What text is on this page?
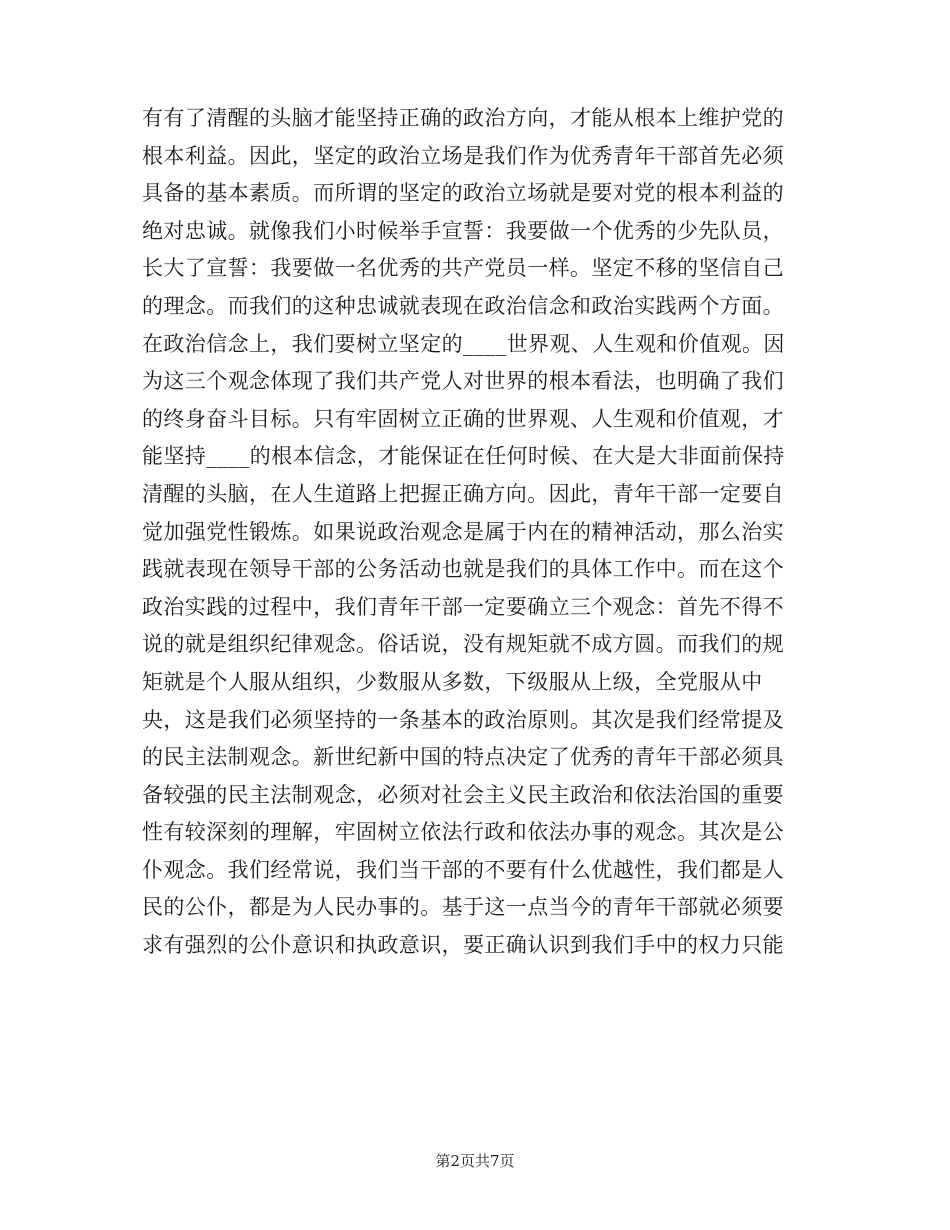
有有了清醒的头脑才能坚持正确的政治方向，才能从根本上维护党的
根本利益。因此，坚定的政治立场是我们作为优秀青年干部首先必须
具备的基本素质。而所谓的坚定的政治立场就是要对党的根本利益的
绝对忠诚。就像我们小时候举手宣誓：我要做一个优秀的少先队员，
长大了宣誓：我要做一名优秀的共产党员一样。坚定不移的坚信自己
的理念。而我们的这种忠诚就表现在政治信念和政治实践两个方面。
在政治信念上，我们要树立坚定的____世界观、人生观和价值观。因
为这三个观念体现了我们共产党人对世界的根本看法，也明确了我们
的终身奋斗目标。只有牢固树立正确的世界观、人生观和价值观，才
能坚持____的根本信念，才能保证在任何时候、在大是大非面前保持
清醒的头脑，在人生道路上把握正确方向。因此，青年干部一定要自
觉加强党性锻炼。如果说政治观念是属于内在的精神活动，那么治实
践就表现在领导干部的公务活动也就是我们的具体工作中。而在这个
政治实践的过程中，我们青年干部一定要确立三个观念：首先不得不
说的就是组织纪律观念。俗话说，没有规矩就不成方圆。而我们的规
矩就是个人服从组织，少数服从多数，下级服从上级，全党服从中
央，这是我们必须坚持的一条基本的政治原则。其次是我们经常提及
的民主法制观念。新世纪新中国的特点决定了优秀的青年干部必须具
备较强的民主法制观念，必须对社会主义民主政治和依法治国的重要
性有较深刻的理解，牢固树立依法行政和依法办事的观念。其次是公
仆观念。我们经常说，我们当干部的不要有什么优越性，我们都是人
民的公仆，都是为人民办事的。基于这一点当今的青年干部就必须要
求有强烈的公仆意识和执政意识，要正确认识到我们手中的权力只能
第2页共7页
